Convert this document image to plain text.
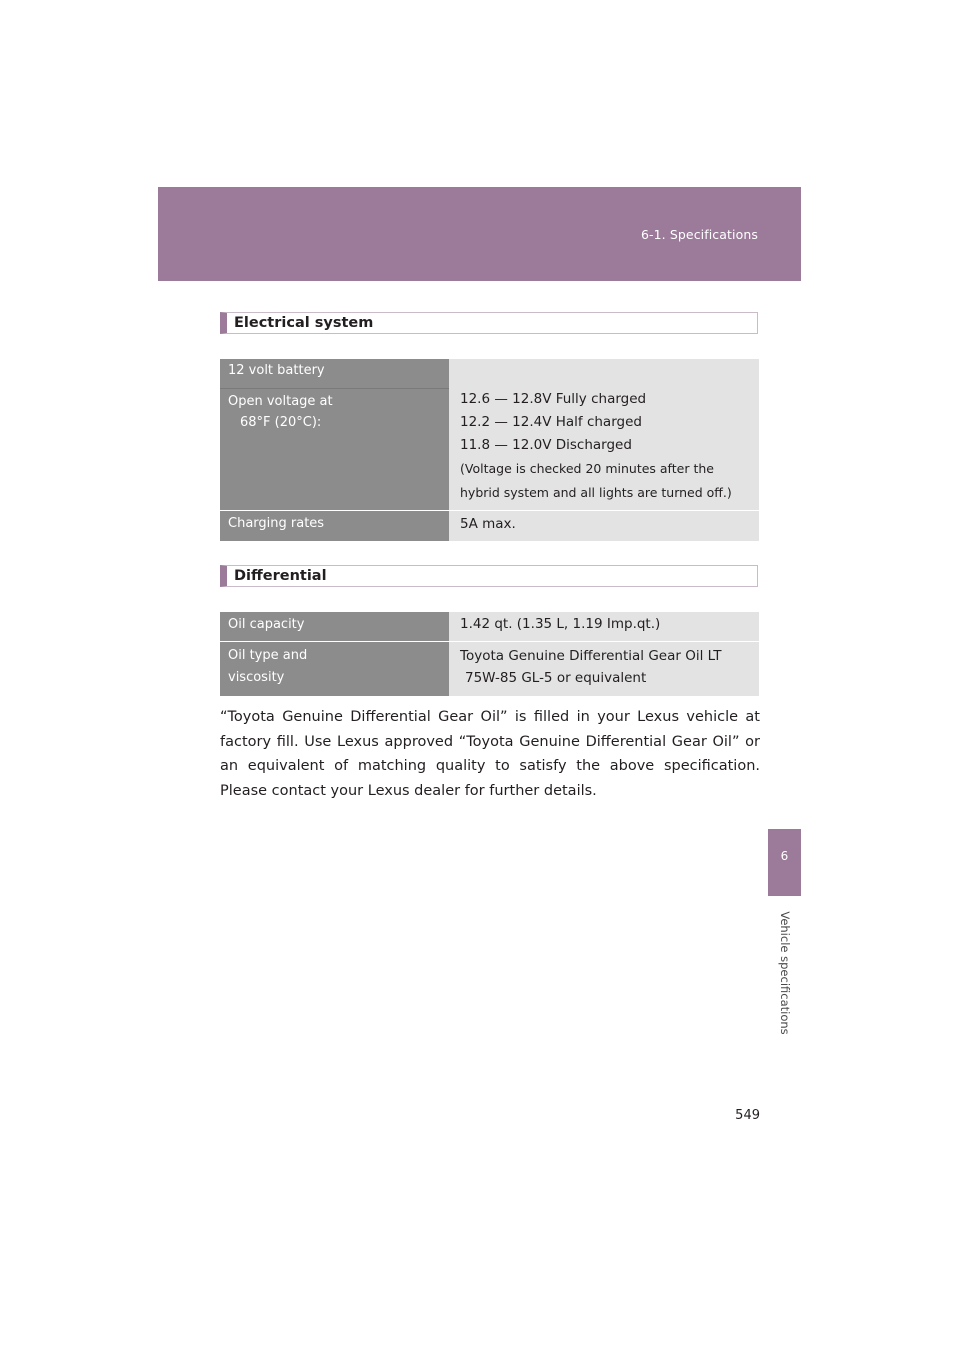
6-1. Specifications
6
Vehicle specifications
Electrical system
12 volt battery
Open voltage at
68°F (20°C):
12.6 — 12.8V Fully charged
12.2 — 12.4V Half charged
11.8 — 12.0V Discharged
(Voltage is checked 20 minutes after the
hybrid system and all lights are turned off.)
Charging rates	5A max.
Differential
Oil capacity	1.42 qt. (1.35 L, 1.19 Imp.qt.)
Oil type and
viscosity
Toyota Genuine Differential Gear Oil LT
75W-85 GL-5 or equivalent

“Toyota Genuine Differential Gear Oil” is filled in your Lexus vehicle at factory fill. Use Lexus approved “Toyota Genuine Differential Gear Oil” or an equivalent of matching quality to satisfy the above specification. Please contact your Lexus dealer for further details.

549
